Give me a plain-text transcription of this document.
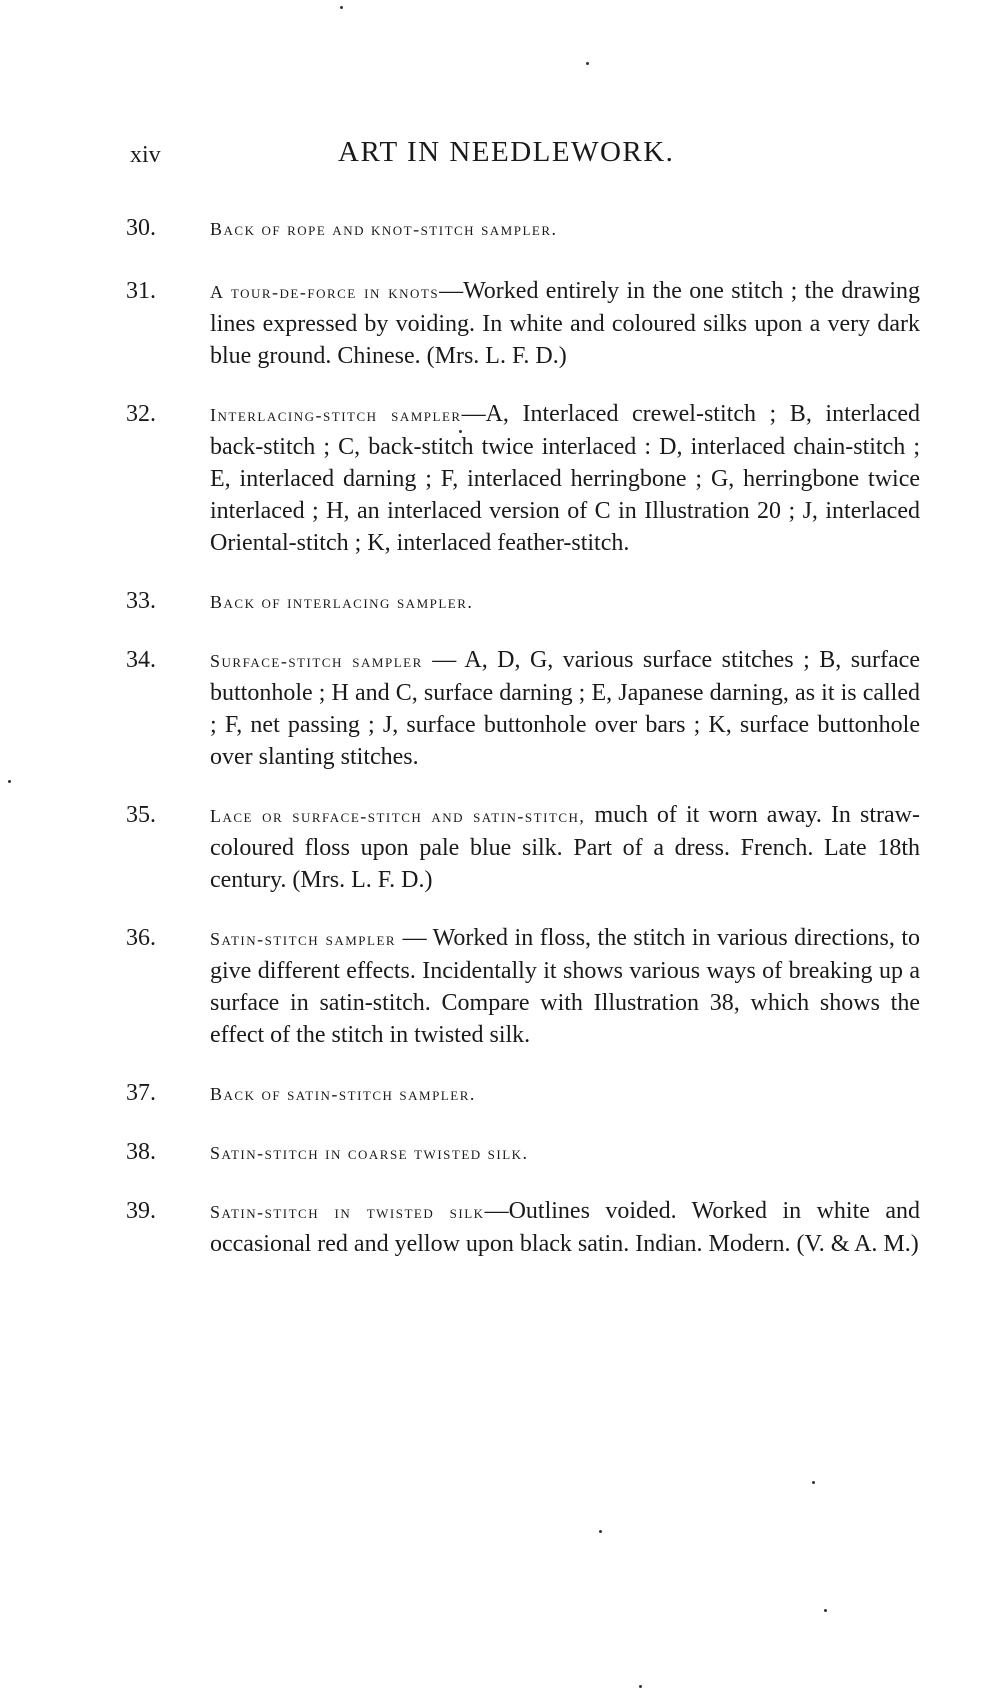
xiv	ART IN NEEDLEWORK.
30.	Back of rope and knot-stitch sampler.
31.	A tour-de-force in knots—Worked entirely in the one stitch ; the drawing lines expressed by voiding. In white and coloured silks upon a very dark blue ground. Chinese. (Mrs. L. F. D.)
32.	Interlacing-stitch sampler—A, Interlaced crewel-stitch ; B, interlaced back-stitch ; C, back-stitch twice interlaced : D, interlaced chain-stitch ; E, interlaced darning ; F, interlaced herringbone ; G, herringbone twice interlaced ; H, an interlaced version of C in Illustration 20 ; J, interlaced Oriental-stitch ; K, interlaced feather-stitch.
33.	Back of interlacing sampler.
34.	Surface-stitch sampler — A, D, G, various surface stitches ; B, surface buttonhole ; H and C, surface darning ; E, Japanese darning, as it is called ; F, net passing ; J, surface buttonhole over bars ; K, surface buttonhole over slanting stitches.
35.	Lace or surface-stitch and satin-stitch, much of it worn away. In straw-coloured floss upon pale blue silk. Part of a dress. French. Late 18th century. (Mrs. L. F. D.)
36.	Satin-stitch sampler — Worked in floss, the stitch in various directions, to give different effects. Incidentally it shows various ways of breaking up a surface in satin-stitch. Compare with Illustration 38, which shows the effect of the stitch in twisted silk.
37.	Back of satin-stitch sampler.
38.	Satin-stitch in coarse twisted silk.
39.	Satin-stitch in twisted silk—Outlines voided. Worked in white and occasional red and yellow upon black satin. Indian. Modern. (V. & A. M.)
